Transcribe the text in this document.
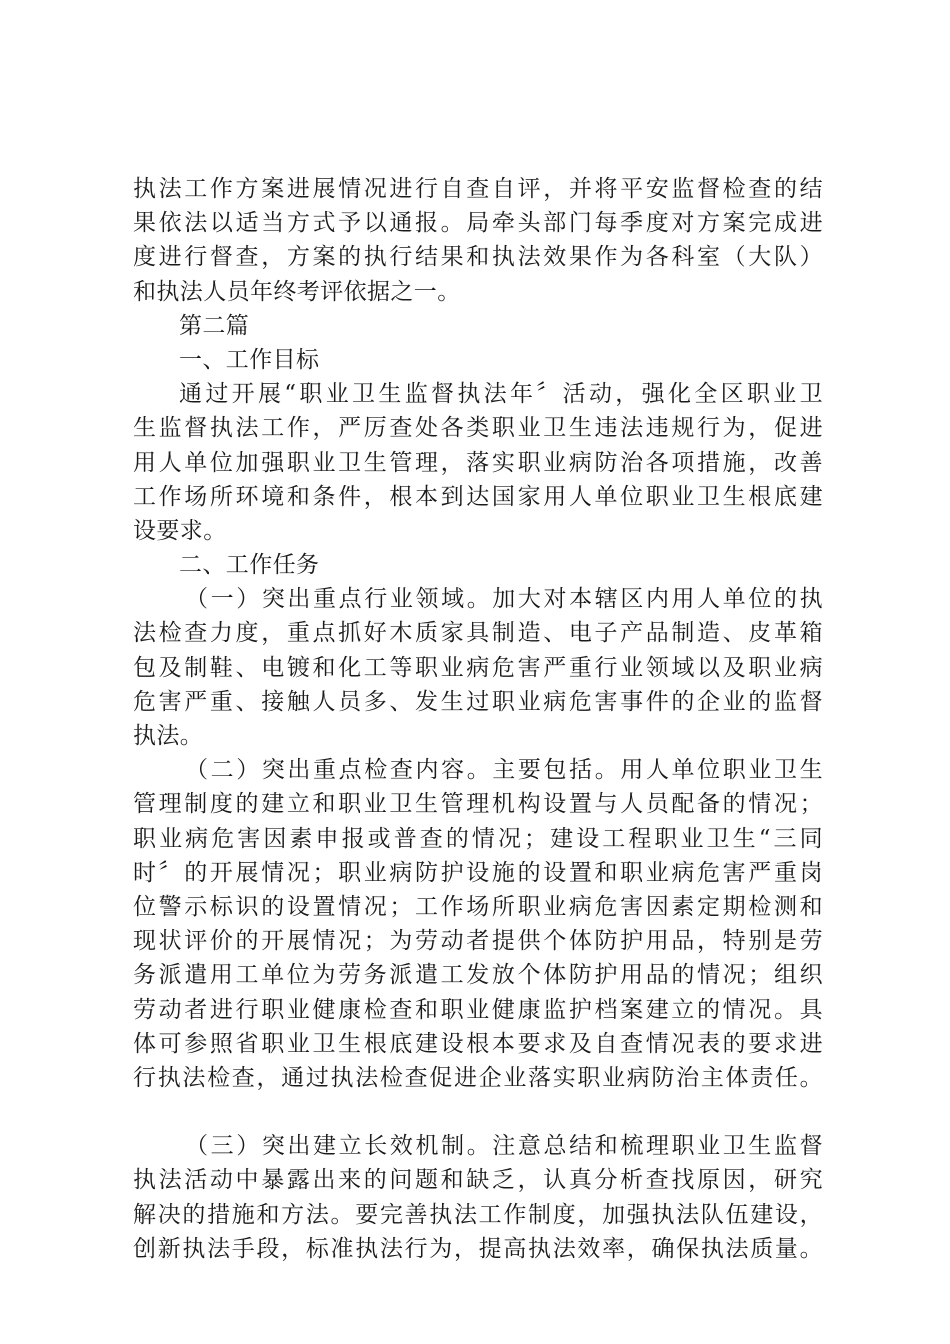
执法工作方案进展情况进行自查自评，并将平安监督检查的结
果依法以适当方式予以通报。局牵头部门每季度对方案完成进
度进行督查，方案的执行结果和执法效果作为各科室（大队）
和执法人员年终考评依据之一。
第二篇
一、工作目标
通过开展“职业卫生监督执法年〞活动，强化全区职业卫
生监督执法工作，严厉查处各类职业卫生违法违规行为，促进
用人单位加强职业卫生管理，落实职业病防治各项措施，改善
工作场所环境和条件，根本到达国家用人单位职业卫生根底建
设要求。
二、工作任务
（一）突出重点行业领域。加大对本辖区内用人单位的执
法检查力度，重点抓好木质家具制造、电子产品制造、皮革箱
包及制鞋、电镀和化工等职业病危害严重行业领域以及职业病
危害严重、接触人员多、发生过职业病危害事件的企业的监督
执法。
（二）突出重点检查内容。主要包括。用人单位职业卫生
管理制度的建立和职业卫生管理机构设置与人员配备的情况；
职业病危害因素申报或普查的情况；建设工程职业卫生“三同
时〞的开展情况；职业病防护设施的设置和职业病危害严重岗
位警示标识的设置情况；工作场所职业病危害因素定期检测和
现状评价的开展情况；为劳动者提供个体防护用品，特别是劳
务派遣用工单位为劳务派遣工发放个体防护用品的情况；组织
劳动者进行职业健康检查和职业健康监护档案建立的情况。具
体可参照省职业卫生根底建设根本要求及自查情况表的要求进
行执法检查，通过执法检查促进企业落实职业病防治主体责任。
（三）突出建立长效机制。注意总结和梳理职业卫生监督
执法活动中暴露出来的问题和缺乏，认真分析查找原因，研究
解决的措施和方法。要完善执法工作制度，加强执法队伍建设，
创新执法手段，标准执法行为，提高执法效率，确保执法质量。
